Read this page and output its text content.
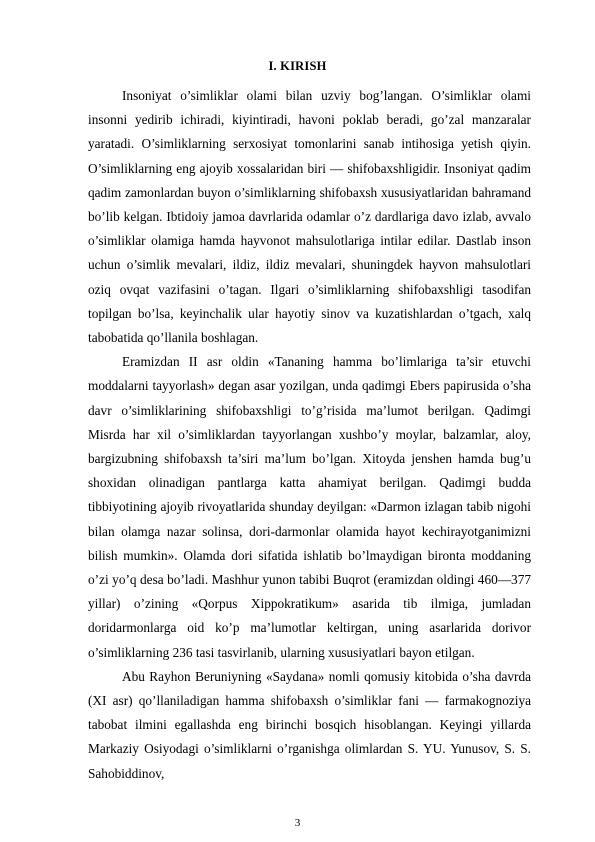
I. KIRISH

Insoniyat o’simliklar olami bilan uzviy bog’langan. O’simliklar olami insonni yedirib ichiradi, kiyintiradi, havoni poklab beradi, go’zal manzaralar yaratadi. O’simliklarning serxosiyat tomonlarini sanab intihosiga yetish qiyin. O’simliklarning eng ajoyib xossalaridan biri — shifobaxshligidir. Insoniyat qadim qadim zamonlardan buyon o’simliklarning shifobaxsh xususiyatlaridan bahramand bo’lib kelgan. Ibtidoiy jamoa davrlarida odamlar o’z dardlariga davo izlab, avvalo o’simliklar olamiga hamda hayvonot mahsulotlariga intilar edilar. Dastlab inson uchun o’simlik mevalari, ildiz, ildiz mevalari, shuningdek hayvon mahsulotlari oziq ovqat vazifasini o’tagan. Ilgari o’simliklarning shifobaxshligi tasodifan topilgan bo’lsa, keyinchalik ular hayotiy sinov va kuzatishlardan o’tgach, xalq tabobatida qo’llanila boshlagan.

Eramizdan II asr oldin «Tananing hamma bo’limlariga ta’sir etuvchi moddalarni tayyorlash» degan asar yozilgan, unda qadimgi Ebers papirusida o’sha davr o’simliklarining shifobaxshligi to’g’risida ma’lumot berilgan. Qadimgi Misrda har xil o’simliklardan tayyorlangan xushbo’y moylar, balzamlar, aloy, bargizubning shifobaxsh ta’siri ma’lum bo’lgan. Xitoyda jenshen hamda bug’u shoxidan olinadigan pantlarga katta ahamiyat berilgan. Qadimgi budda tibbiyotining ajoyib rivoyatlarida shunday deyilgan: «Darmon izlagan tabib nigohi bilan olamga nazar solinsa, dori-darmonlar olamida hayot kechirayotganimizni bilish mumkin». Olamda dori sifatida ishlatib bo’lmaydigan bironta moddaning o’zi yo’q desa bo’ladi. Mashhur yunon tabibi Buqrot (eramizdan oldingi 460—377 yillar) o’zining «Qorpus Xippokratikum» asarida tib ilmiga, jumladan doridarmonlarga oid ko’p ma’lumotlar keltirgan, uning asarlarida dorivor o’simliklarning 236 tasi tasvirlanib, ularning xususiyatlari bayon etilgan.

Abu Rayhon Beruniyning «Saydana» nomli qomusiy kitobida o’sha davrda (XI asr) qo’llaniladigan hamma shifobaxsh o’simliklar fani — farmakognoziya tabobat ilmini egallashda eng birinchi bosqich hisoblangan. Keyingi yillarda Markaziy Osiyodagi o’simliklarni o’rganishga olimlardan S. YU. Yunusov, S. S. Sahobiddinov,

3
